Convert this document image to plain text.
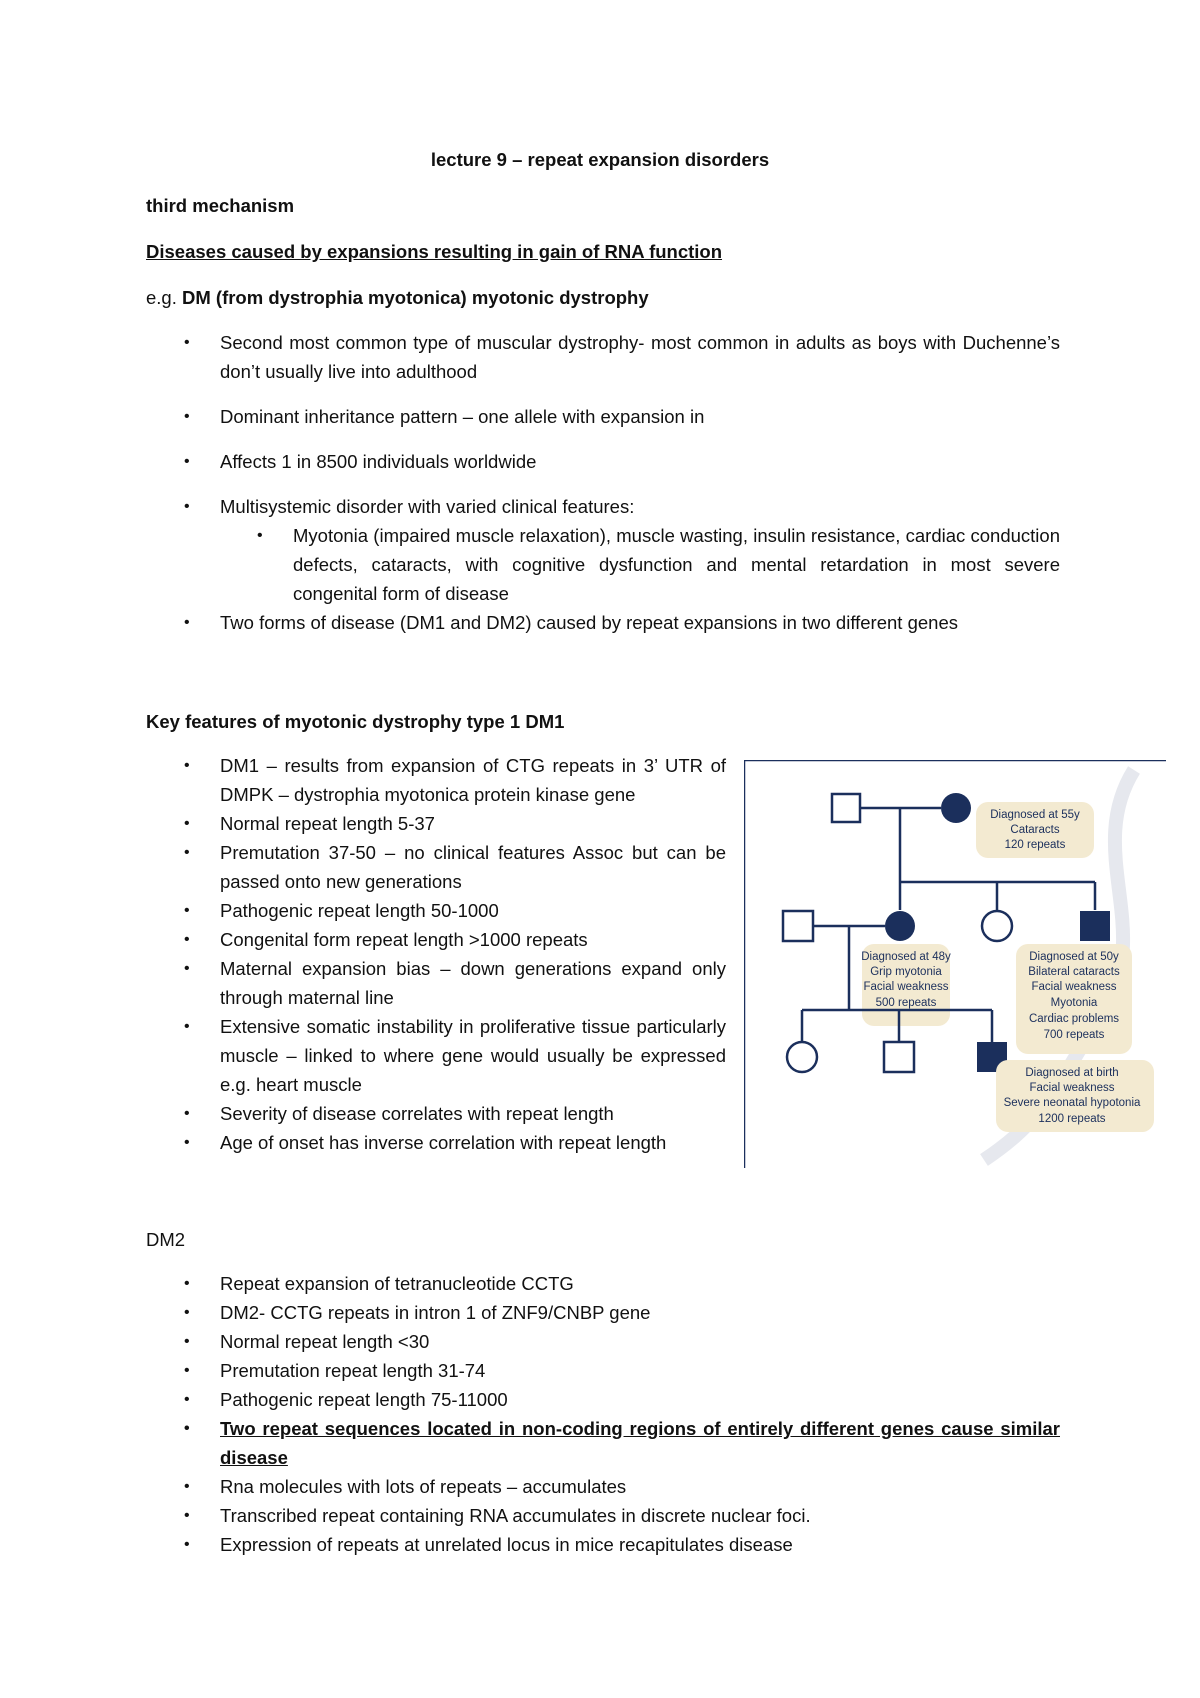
lecture 9 – repeat expansion disorders
third mechanism
Diseases caused by expansions resulting in gain of RNA function
e.g. DM (from dystrophia myotonica) myotonic dystrophy
• Second most common type of muscular dystrophy- most common in adults as boys with Duchenne’s don’t usually live into adulthood
• Dominant inheritance pattern – one allele with expansion in
• Affects 1 in 8500 individuals worldwide
• Multisystemic disorder with varied clinical features:
• Myotonia (impaired muscle relaxation), muscle wasting, insulin resistance, cardiac conduction defects, cataracts, with cognitive dysfunction and mental retardation in most severe congenital form of disease
• Two forms of disease (DM1 and DM2) caused by repeat expansions in two different genes
Key features of myotonic dystrophy type 1 DM1
• DM1 – results from expansion of CTG repeats in 3’ UTR of DMPK – dystrophia myotonica protein kinase gene
• Normal repeat length 5-37
• Premutation 37-50 – no clinical features Assoc but can be passed onto new generations
• Pathogenic repeat length 50-1000
• Congenital form repeat length >1000 repeats
• Maternal expansion bias – down generations expand only through maternal line
• Extensive somatic instability in proliferative tissue particularly muscle – linked to where gene would usually be expressed e.g. heart muscle
• Severity of disease correlates with repeat length
• Age of onset has inverse correlation with repeat length
Diagnosed at 55y
Cataracts
120 repeats
Diagnosed at 48y
Grip myotonia
Facial weakness
500 repeats
Diagnosed at 50y
Bilateral cataracts
Facial weakness
Myotonia
Cardiac problems
700 repeats
Diagnosed at birth
Facial weakness
Severe neonatal hypotonia
1200 repeats
DM2
• Repeat expansion of tetranucleotide CCTG
• DM2- CCTG repeats in intron 1 of ZNF9/CNBP gene
• Normal repeat length <30
• Premutation repeat length 31-74
• Pathogenic repeat length 75-11000
• Two repeat sequences located in non-coding regions of entirely different genes cause similar disease
• Rna molecules with lots of repeats – accumulates
• Transcribed repeat containing RNA accumulates in discrete nuclear foci.
• Expression of repeats at unrelated locus in mice recapitulates disease
